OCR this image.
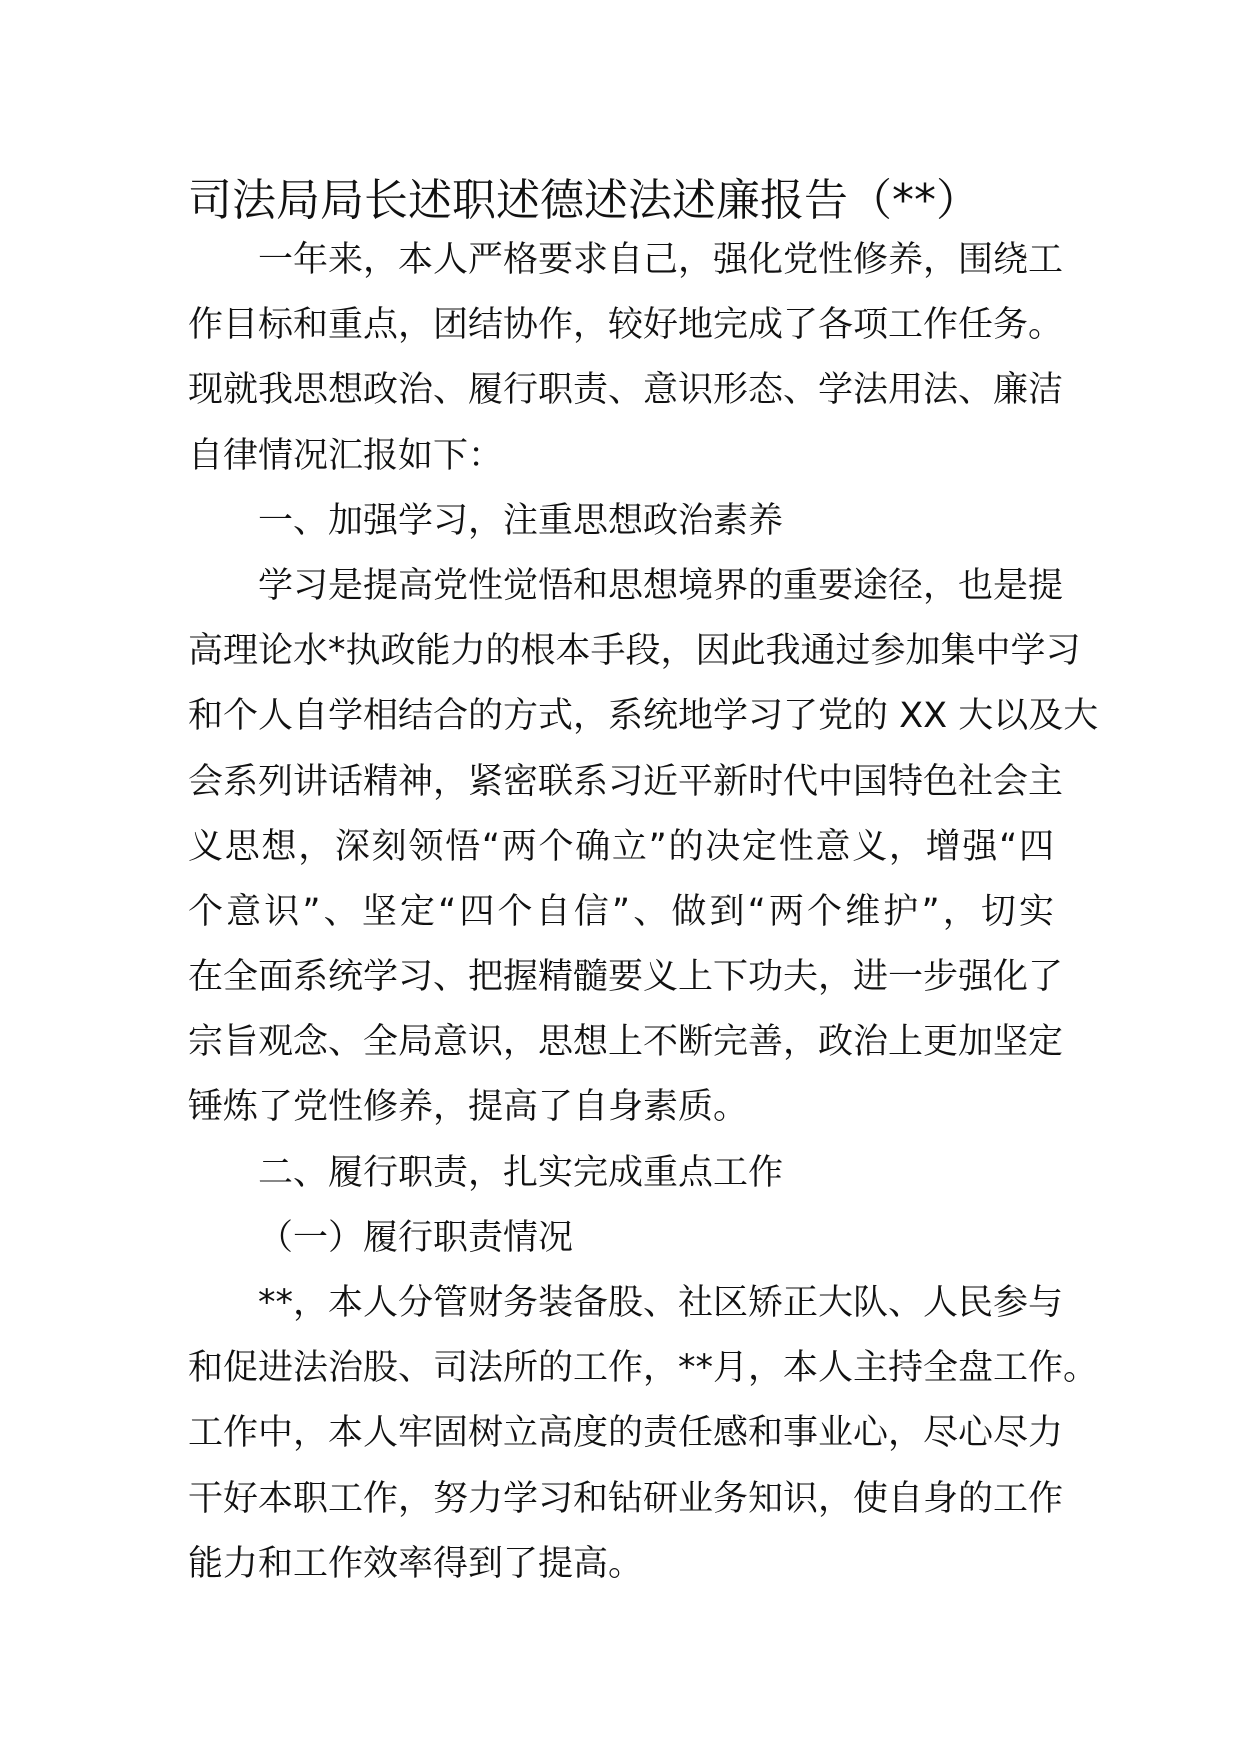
司法局局长述职述德述法述廉报告（**）
一年来，本人严格要求自己，强化党性修养，围绕工
作目标和重点，团结协作，较好地完成了各项工作任务。
现就我思想政治、履行职责、意识形态、学法用法、廉洁
自律情况汇报如下：
一、加强学习，注重思想政治素养
学习是提高党性觉悟和思想境界的重要途径，也是提
高理论水*执政能力的根本手段，因此我通过参加集中学习
和个人自学相结合的方式，系统地学习了党的 XX 大以及大
会系列讲话精神，紧密联系习近平新时代中国特色社会主
义思想，深刻领悟“两个确立”的决定性意义，增强“四
个意识”、坚定“四个自信”、做到“两个维护”，切实
在全面系统学习、把握精髓要义上下功夫，进一步强化了
宗旨观念、全局意识，思想上不断完善，政治上更加坚定
锤炼了党性修养，提高了自身素质。
二、履行职责，扎实完成重点工作
（一）履行职责情况
**，本人分管财务装备股、社区矫正大队、人民参与
和促进法治股、司法所的工作，**月，本人主持全盘工作。
工作中，本人牢固树立高度的责任感和事业心，尽心尽力
干好本职工作，努力学习和钻研业务知识，使自身的工作
能力和工作效率得到了提高。
